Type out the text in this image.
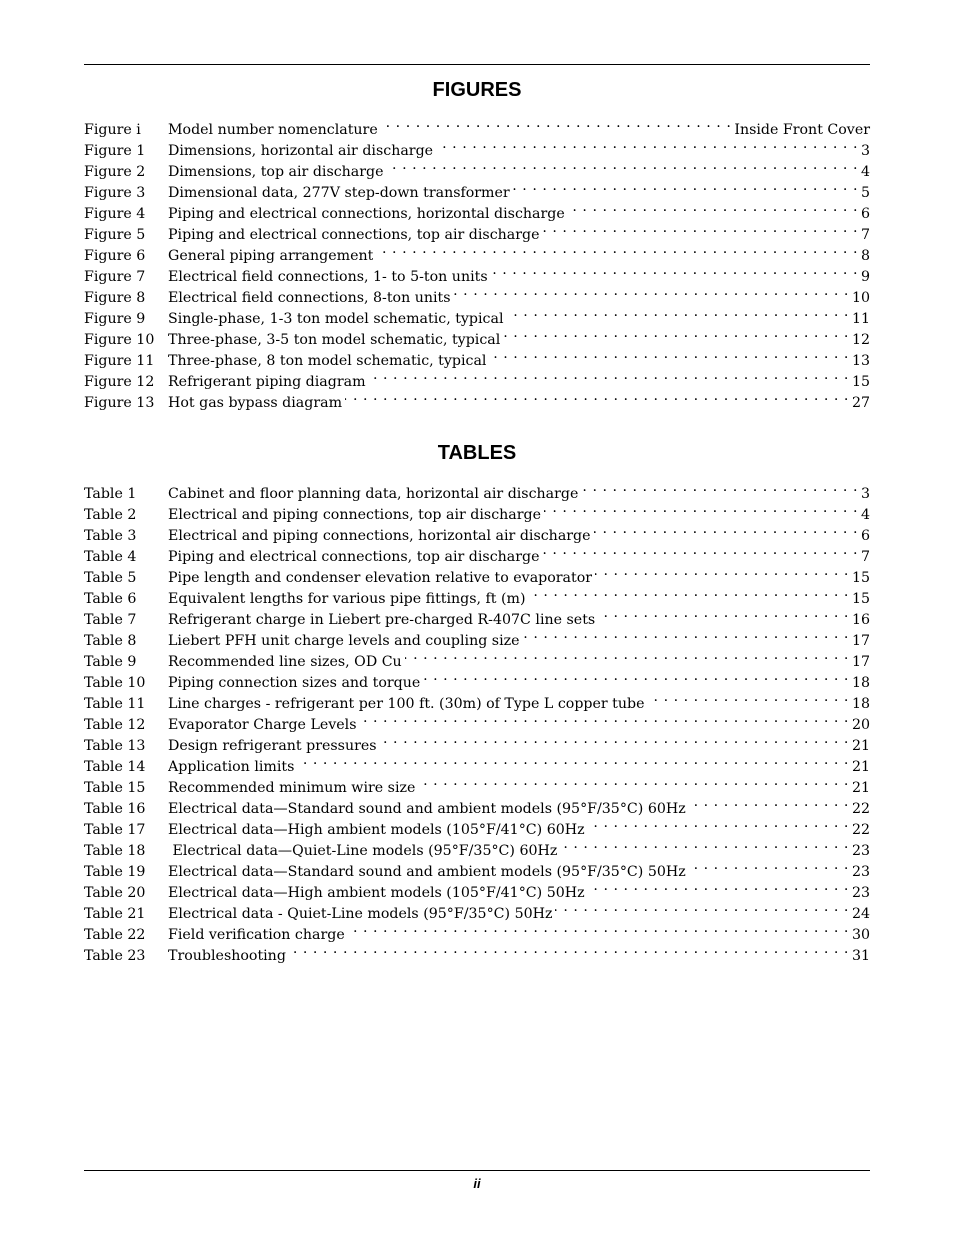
FIGURES
Figure i	Model number nomenclature . . .	Inside Front Cover
Figure 1	Dimensions, horizontal air discharge . . .	3
Figure 2	Dimensions, top air discharge . . .	4
Figure 3	Dimensional data, 277V step-down transformer . . .	5
Figure 4	Piping and electrical connections, horizontal discharge . . .	6
Figure 5	Piping and electrical connections, top air discharge . . .	7
Figure 6	General piping arrangement . . .	8
Figure 7	Electrical field connections, 1- to 5-ton units . . .	9
Figure 8	Electrical field connections, 8-ton units . . .	10
Figure 9	Single-phase, 1-3 ton model schematic, typical . . .	11
Figure 10 Three-phase, 3-5 ton model schematic, typical . . .	12
Figure 11 Three-phase, 8 ton model schematic, typical . . .	13
Figure 12 Refrigerant piping diagram . . .	15
Figure 13 Hot gas bypass diagram . . .	27
TABLES
Table 1	Cabinet and floor planning data, horizontal air discharge . . .	3
Table 2	Electrical and piping connections, top air discharge . . .	4
Table 3	Electrical and piping connections, horizontal air discharge . . .	6
Table 4	Piping and electrical connections, top air discharge . . .	7
Table 5	Pipe length and condenser elevation relative to evaporator . . .	15
Table 6	Equivalent lengths for various pipe fittings, ft (m) . . .	15
Table 7	Refrigerant charge in Liebert pre-charged R-407C line sets . . .	16
Table 8	Liebert PFH unit charge levels and coupling size . . .	17
Table 9	Recommended line sizes, OD Cu . . .	17
Table 10	Piping connection sizes and torque . . .	18
Table 11	Line charges - refrigerant per 100 ft. (30m) of Type L copper tube . . .	18
Table 12	Evaporator Charge Levels . . .	20
Table 13	Design refrigerant pressures . . .	21
Table 14	Application limits . . .	21
Table 15	Recommended minimum wire size . . .	21
Table 16	Electrical data—Standard sound and ambient models (95°F/35°C) 60Hz . . .	22
Table 17	Electrical data—High ambient models (105°F/41°C) 60Hz . . .	22
Table 18	Electrical data—Quiet-Line models (95°F/35°C) 60Hz . . .	23
Table 19	Electrical data—Standard sound and ambient models (95°F/35°C) 50Hz . . .	23
Table 20	Electrical data—High ambient models (105°F/41°C) 50Hz . . .	23
Table 21	Electrical data - Quiet-Line models (95°F/35°C) 50Hz . . .	24
Table 22	Field verification charge . . .	30
Table 23	Troubleshooting . . .	31
ii
